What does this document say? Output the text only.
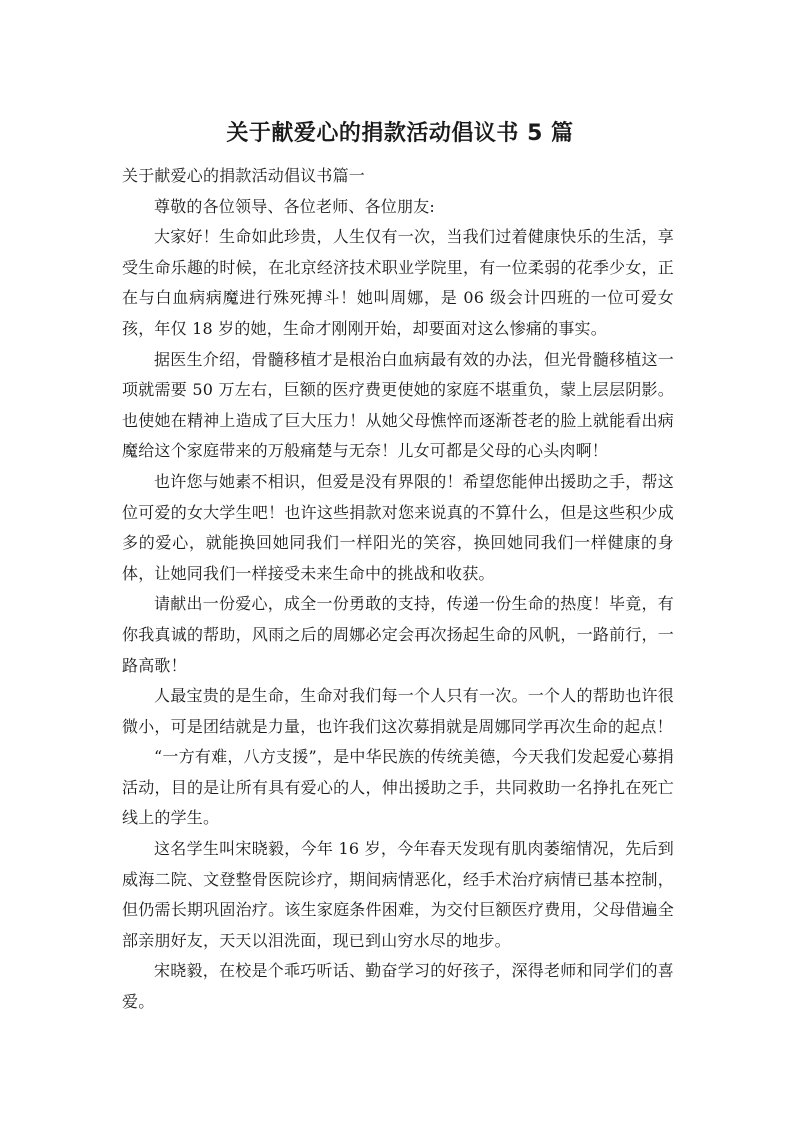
关于献爱心的捐款活动倡议书 5 篇

关于献爱心的捐款活动倡议书篇一

尊敬的各位领导、各位老师、各位朋友:

大家好！生命如此珍贵，人生仅有一次，当我们过着健康快乐的生活，享受生命乐趣的时候，在北京经济技术职业学院里，有一位柔弱的花季少女，正在与白血病病魔进行殊死搏斗！她叫周娜，是 06 级会计四班的一位可爱女孩，年仅 18 岁的她，生命才刚刚开始，却要面对这么惨痛的事实。

据医生介绍，骨髓移植才是根治白血病最有效的办法，但光骨髓移植这一项就需要 50 万左右，巨额的医疗费更使她的家庭不堪重负，蒙上层层阴影。也使她在精神上造成了巨大压力！从她父母憔悴而逐渐苍老的脸上就能看出病魔给这个家庭带来的万般痛楚与无奈！儿女可都是父母的心头肉啊！

也许您与她素不相识，但爱是没有界限的！希望您能伸出援助之手，帮这位可爱的女大学生吧！也许这些捐款对您来说真的不算什么，但是这些积少成多的爱心，就能换回她同我们一样阳光的笑容，换回她同我们一样健康的身体，让她同我们一样接受未来生命中的挑战和收获。

请献出一份爱心，成全一份勇敢的支持，传递一份生命的热度！毕竟，有你我真诚的帮助，风雨之后的周娜必定会再次扬起生命的风帆，一路前行，一路高歌！

人最宝贵的是生命，生命对我们每一个人只有一次。一个人的帮助也许很微小，可是团结就是力量，也许我们这次募捐就是周娜同学再次生命的起点！

“一方有难，八方支援”，是中华民族的传统美德，今天我们发起爱心募捐活动，目的是让所有具有爱心的人，伸出援助之手，共同救助一名挣扎在死亡线上的学生。

这名学生叫宋晓毅，今年 16 岁，今年春天发现有肌肉萎缩情况，先后到威海二院、文登整骨医院诊疗，期间病情恶化，经手术治疗病情已基本控制，但仍需长期巩固治疗。该生家庭条件困难，为交付巨额医疗费用，父母借遍全部亲朋好友，天天以泪洗面，现已到山穷水尽的地步。

宋晓毅，在校是个乖巧听话、勤奋学习的好孩子，深得老师和同学们的喜爱。
